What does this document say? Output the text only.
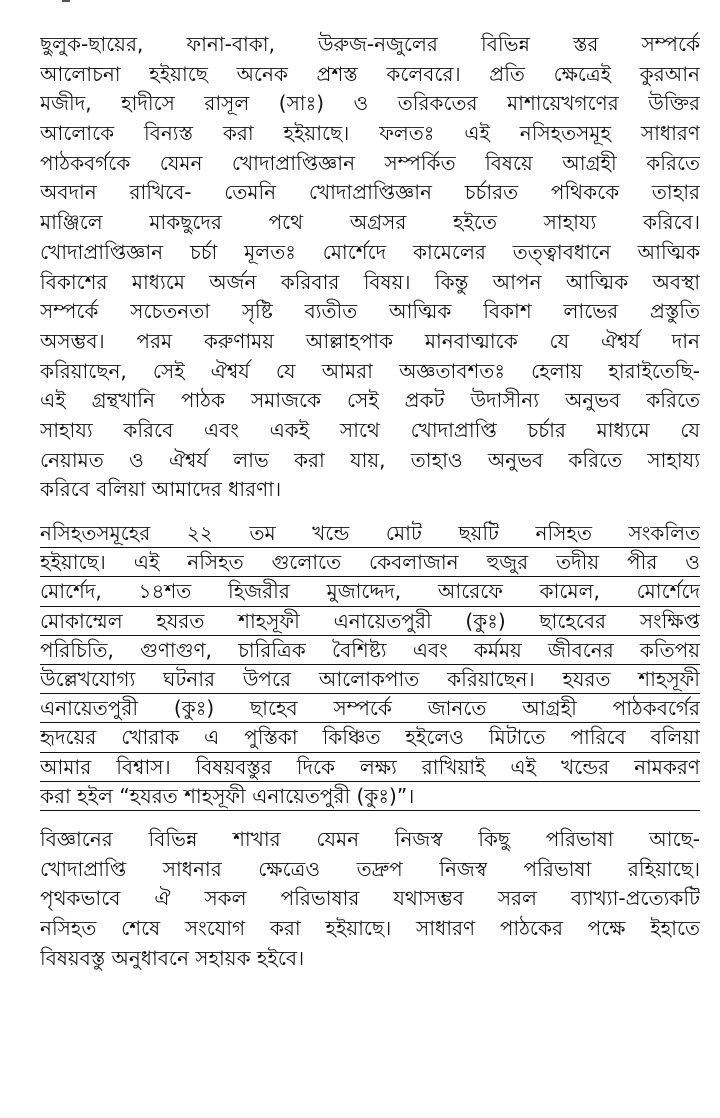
ছুলুক-ছায়ের, ফানা-বাকা, উরুজ-নজুলের বিভিন্ন স্তর সম্পর্কে
আলোচনা হইয়াছে অনেক প্রশস্ত কলেবরে। প্রতি ক্ষেত্রেই কুরআন
মজীদ, হাদীসে রাসূল (সাঃ) ও তরিকতের মাশায়েখগণের উক্তির
আলোকে বিন্যস্ত করা হইয়াছে। ফলতঃ এই নসিহতসমূহ সাধারণ
পাঠকবর্গকে যেমন খোদাপ্রাপ্তিজ্ঞান সম্পর্কিত বিষয়ে আগ্রহী করিতে
অবদান রাখিবে- তেমনি খোদাপ্রাপ্তিজ্ঞান চর্চারত পথিককে তাহার
মাঞ্জিলে মাকছুদের পথে অগ্রসর হইতে সাহায্য করিবে।
খোদাপ্রাপ্তিজ্ঞান চর্চা মূলতঃ মোর্শেদে কামেলের তত্ত্বাবধানে আত্মিক
বিকাশের মাধ্যমে অর্জন করিবার বিষয়। কিন্তু আপন আত্মিক অবস্থা
সম্পর্কে সচেতনতা সৃষ্টি ব্যতীত আত্মিক বিকাশ লাভের প্রস্তুতি
অসম্ভব। পরম করুণাময় আল্লাহপাক মানবাত্মাকে যে ঐশ্বর্য দান
করিয়াছেন, সেই ঐশ্বর্য যে আমরা অজ্ঞতাবশতঃ হেলায় হারাইতেছি-
এই গ্রন্থখানি পাঠক সমাজকে সেই প্রকট উদাসীন্য অনুভব করিতে
সাহায্য করিবে এবং একই সাথে খোদাপ্রাপ্তি চর্চার মাধ্যমে যে
নেয়ামত ও ঐশ্বর্য লাভ করা যায়, তাহাও অনুভব করিতে সাহায্য
করিবে বলিয়া আমাদের ধারণা।
নসিহতসমূহের ২২ তম খন্ডে মোট ছয়টি নসিহত সংকলিত
হইয়াছে। এই নসিহত গুলোতে কেবলাজান হুজুর তদীয় পীর ও
মোর্শেদ, ১৪শত হিজরীর মুজাদ্দেদ, আরেফে কামেল, মোর্শেদে
মোকাম্মেল হযরত শাহসূফী এনায়েতপুরী (কুঃ) ছাহেবের সংক্ষিপ্ত
পরিচিতি, গুণাগুণ, চারিত্রিক বৈশিষ্ট্য এবং কর্মময় জীবনের কতিপয়
উল্লেখযোগ্য ঘটনার উপরে আলোকপাত করিয়াছেন। হযরত শাহসূফী
এনায়েতপুরী (কুঃ) ছাহেব সম্পর্কে জানতে আগ্রহী পাঠকবর্গের
হৃদয়ের খোরাক এ পুস্তিকা কিঞ্চিত হইলেও মিটাতে পারিবে বলিয়া
আমার বিশ্বাস। বিষয়বস্তুর দিকে লক্ষ্য রাখিয়াই এই খন্ডের নামকরণ
করা হইল “হযরত শাহসূফী এনায়েতপুরী (কুঃ)”।
বিজ্ঞানের বিভিন্ন শাখার যেমন নিজস্ব কিছু পরিভাষা আছে-
খোদাপ্রাপ্তি সাধনার ক্ষেত্রেও তদ্রুপ নিজস্ব পরিভাষা রহিয়াছে।
পৃথকভাবে ঐ সকল পরিভাষার যথাসম্ভব সরল ব্যাখ্যা-প্রত্যেকটি
নসিহত শেষে সংযোগ করা হইয়াছে। সাধারণ পাঠকের পক্ষে ইহাতে
বিষয়বস্তু অনুধাবনে সহায়ক হইবে।
